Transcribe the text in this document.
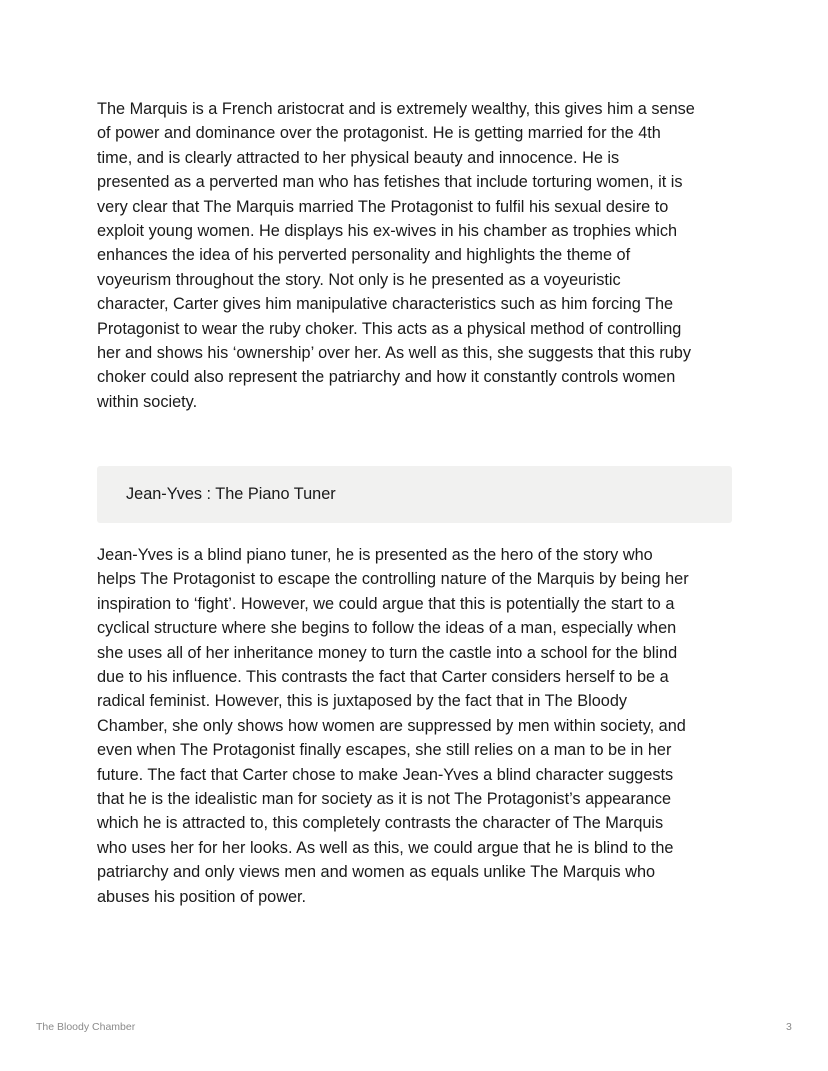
The Marquis is a French aristocrat and is extremely wealthy, this gives him a sense
of power and dominance over the protagonist. He is getting married for the 4th
time, and is clearly attracted to her physical beauty and innocence. He is
presented as a perverted man who has fetishes that include torturing women, it is
very clear that The Marquis married The Protagonist to fulfil his sexual desire to
exploit young women. He displays his ex-wives in his chamber as trophies which
enhances the idea of his perverted personality and highlights the theme of
voyeurism throughout the story. Not only is he presented as a voyeuristic
character, Carter gives him manipulative characteristics such as him forcing The
Protagonist to wear the ruby choker. This acts as a physical method of controlling
her and shows his ‘ownership’ over her. As well as this, she suggests that this ruby
choker could also represent the patriarchy and how it constantly controls women
within society.
Jean-Yves : The Piano Tuner
Jean-Yves is a blind piano tuner, he is presented as the hero of the story who
helps The Protagonist to escape the controlling nature of the Marquis by being her
inspiration to ‘fight’. However, we could argue that this is potentially the start to a
cyclical structure where she begins to follow the ideas of a man, especially when
she uses all of her inheritance money to turn the castle into a school for the blind
due to his influence. This contrasts the fact that Carter considers herself to be a
radical feminist. However, this is juxtaposed by the fact that in The Bloody
Chamber, she only shows how women are suppressed by men within society, and
even when The Protagonist finally escapes, she still relies on a man to be in her
future. The fact that Carter chose to make Jean-Yves a blind character suggests
that he is the idealistic man for society as it is not The Protagonist’s appearance
which he is attracted to, this completely contrasts the character of The Marquis
who uses her for her looks. As well as this, we could argue that he is blind to the
patriarchy and only views men and women as equals unlike The Marquis who
abuses his position of power.
The Bloody Chamber	3
